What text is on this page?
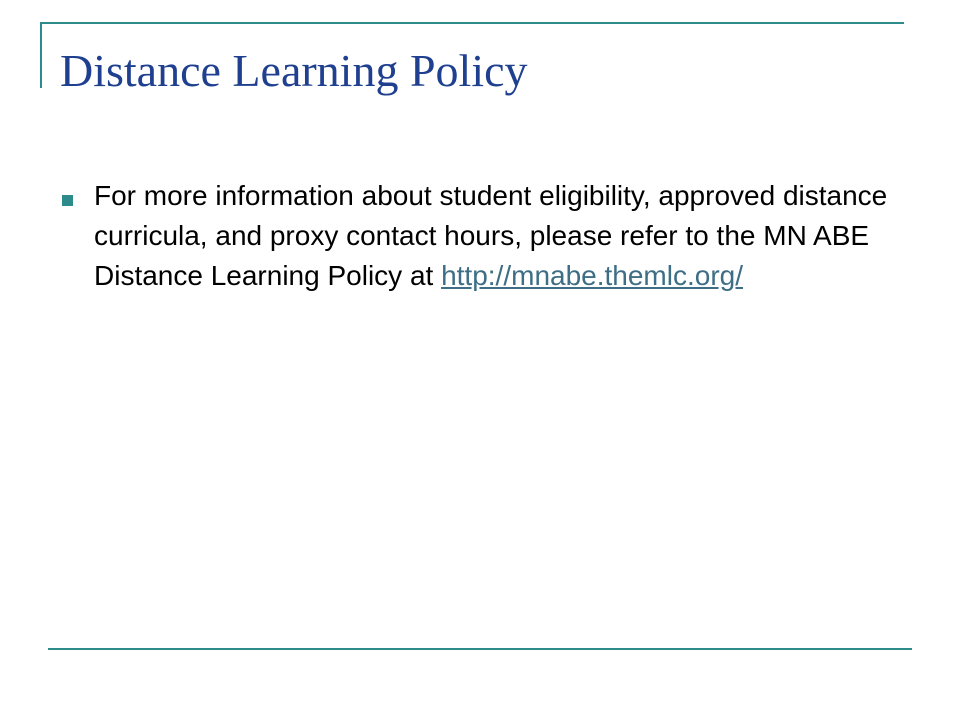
Distance Learning Policy

For more information about student eligibility, approved distance curricula, and proxy contact hours, please refer to the MN ABE Distance Learning Policy at http://mnabe.themlc.org/
